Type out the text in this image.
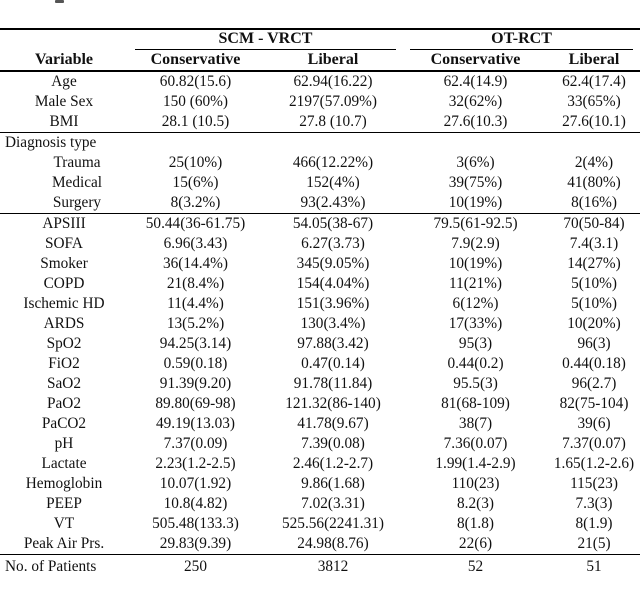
	SCM - VRCT		OT-RCT	

Variable	Conservative	Liberal	Conservative	Liberal
Age	60.82(15.6)	62.94(16.22)	62.4(14.9)	62.4(17.4)
Male Sex	150 (60%)	2197(57.09%)	32(62%)	33(65%)
BMI	28.1 (10.5)	27.8 (10.7)	27.6(10.3)	27.6(10.1)
Diagnosis type				
Trauma	25(10%)	466(12.22%)	3(6%)	2(4%)
Medical	15(6%)	152(4%)	39(75%)	41(80%)
Surgery	8(3.2%)	93(2.43%)	10(19%)	8(16%)
APSIII	50.44(36-61.75)	54.05(38-67)	79.5(61-92.5)	70(50-84)
SOFA	6.96(3.43)	6.27(3.73)	7.9(2.9)	7.4(3.1)
Smoker	36(14.4%)	345(9.05%)	10(19%)	14(27%)
COPD	21(8.4%)	154(4.04%)	11(21%)	5(10%)
Ischemic HD	11(4.4%)	151(3.96%)	6(12%)	5(10%)
ARDS	13(5.2%)	130(3.4%)	17(33%)	10(20%)
SpO2	94.25(3.14)	97.88(3.42)	95(3)	96(3)
FiO2	0.59(0.18)	0.47(0.14)	0.44(0.2)	0.44(0.18)
SaO2	91.39(9.20)	91.78(11.84)	95.5(3)	96(2.7)
PaO2	89.80(69-98)	121.32(86-140)	81(68-109)	82(75-104)
PaCO2	49.19(13.03)	41.78(9.67)	38(7)	39(6)
pH	7.37(0.09)	7.39(0.08)	7.36(0.07)	7.37(0.07)
Lactate	2.23(1.2-2.5)	2.46(1.2-2.7)	1.99(1.4-2.9)	1.65(1.2-2.6)
Hemoglobin	10.07(1.92)	9.86(1.68)	110(23)	115(23)
PEEP	10.8(4.82)	7.02(3.31)	8.2(3)	7.3(3)
VT	505.48(133.3)	525.56(2241.31)	8(1.8)	8(1.9)
Peak Air Prs.	29.83(9.39)	24.98(8.76)	22(6)	21(5)
No. of Patients	250	3812	52	51
